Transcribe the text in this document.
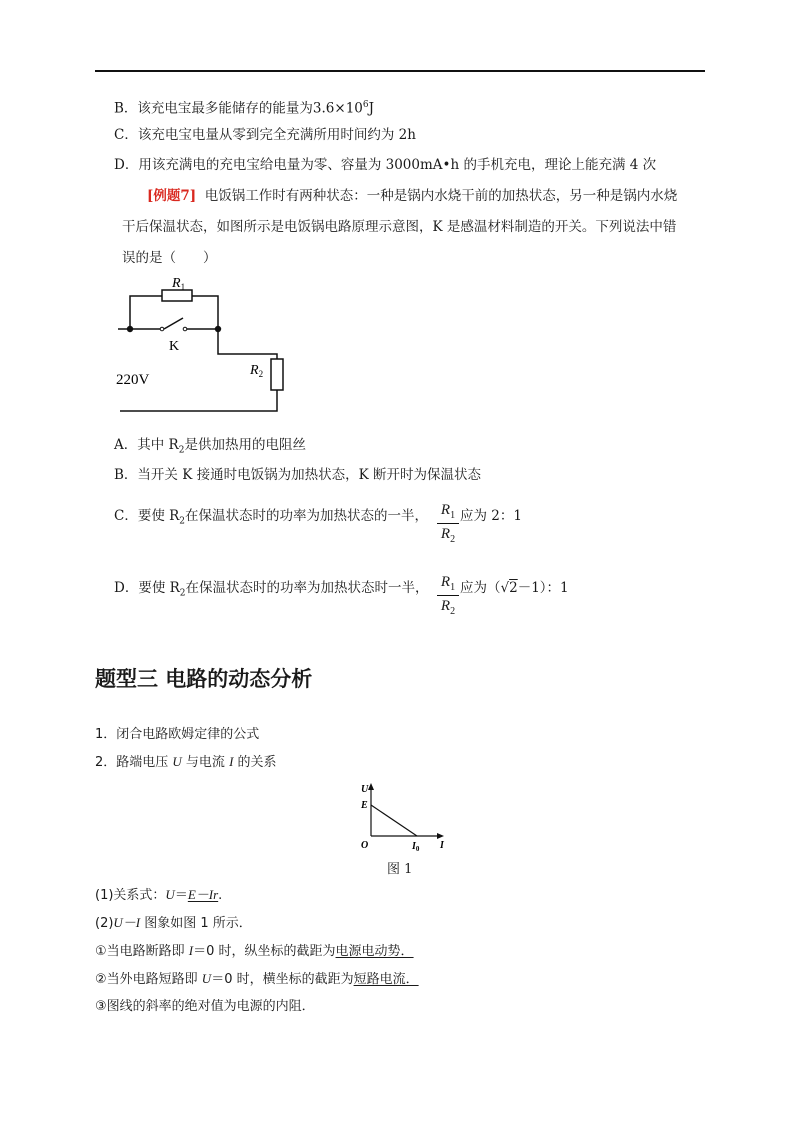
B．该充电宝最多能储存的能量为$3.6\times 10^6J$
C．该充电宝电量从零到完全充满所用时间约为 2h
D．用该充满电的充电宝给电量为零、容量为 3000mA•h 的手机充电，理论上能充满 4 次
[例题7] 电饭锅工作时有两种状态：一种是锅内水烧干前的加热状态，另一种是锅内水烧
干后保温状态，如图所示是电饭锅电路原理示意图，K 是感温材料制造的开关。下列说法中错
误的是（　　）
$R_1$
K
$R_2$
220V
A．其中 $R_2$是供加热用的电阻丝
B．当开关 K 接通时电饭锅为加热状态，K 断开时为保温状态
C．要使 $R_2$在保温状态时的功率为加热状态的一半， $R_1$
$R_2$
应为 2：1
D．要使 $R_2$在保温状态时的功率为加热状态时一半， $R_1$
$R_2$
应为（√2－1）：1
题型三 电路的动态分析
1．闭合电路欧姆定律的公式
2．路端电压 U 与电流 I 的关系
U
E
O	$I_0$ I
图 1
(1)关系式：U＝E－Ir.
(2)U－I 图象如图 1 所示．
①当电路断路即 I＝0 时，纵坐标的截距为电源电动势．
②当外电路短路即 U＝0 时，横坐标的截距为短路电流．
③图线的斜率的绝对值为电源的内阻．
